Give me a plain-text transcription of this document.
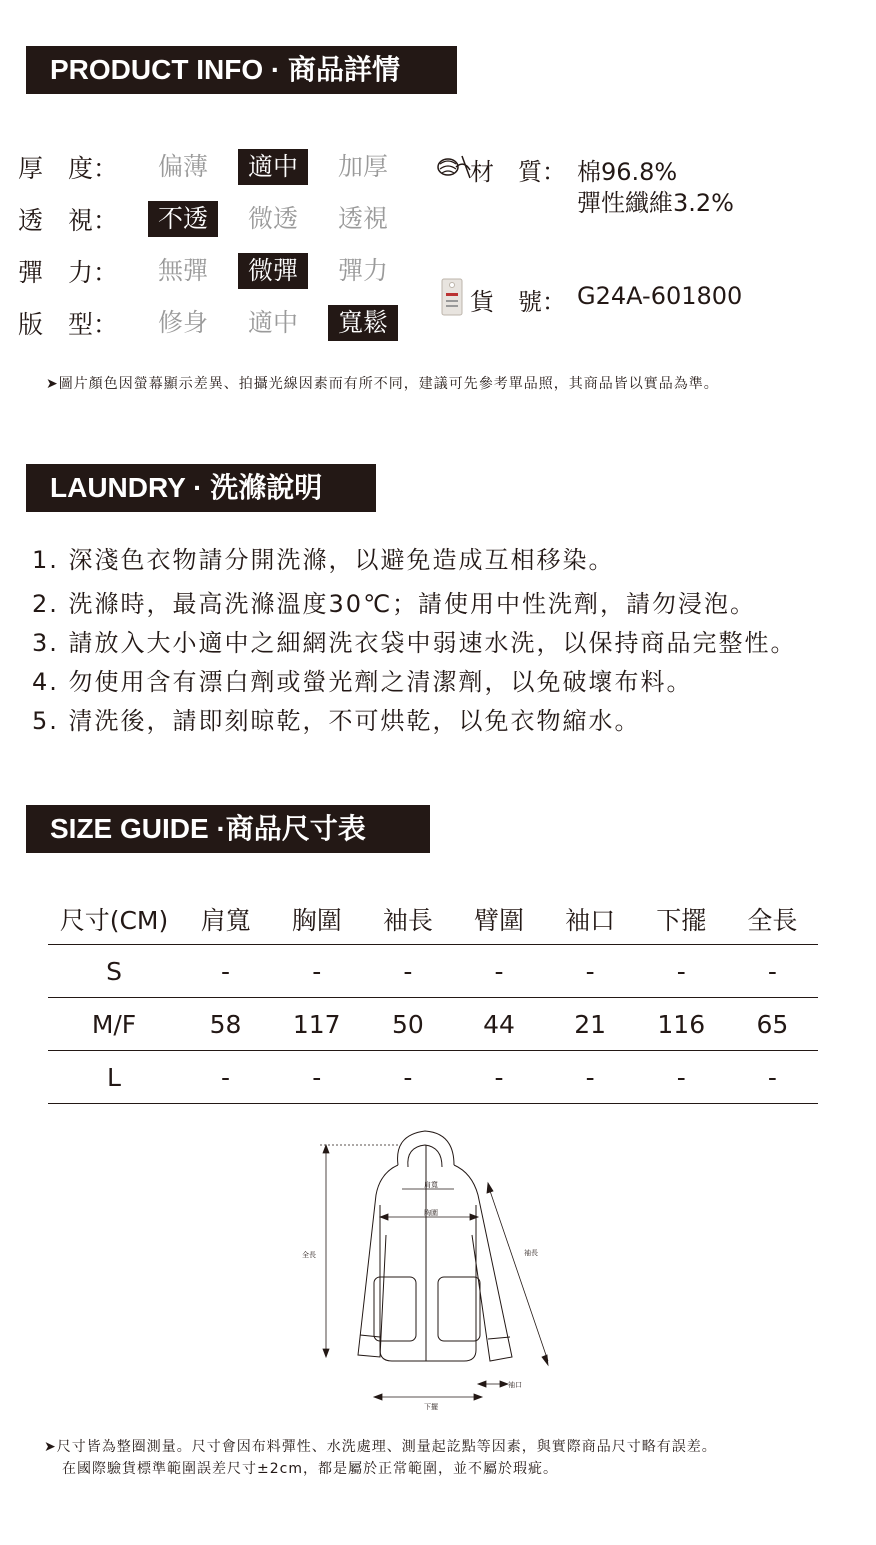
PRODUCT INFO · 商品詳情
厚　度：	偏薄	適中	加厚
透　視：	不透	微透	透視
彈　力：	無彈	微彈	彈力
版　型：	修身	適中	寬鬆
材　質： 棉96.8%
彈性纖維3.2%
貨　號： G24A-601800
➤圖片顏色因螢幕顯示差異、拍攝光線因素而有所不同，建議可先參考單品照，其商品皆以實品為準。
LAUNDRY · 洗滌說明
1. 深淺色衣物請分開洗滌，以避免造成互相移染。
2. 洗滌時，最高洗滌溫度30℃；請使用中性洗劑，請勿浸泡。
3. 請放入大小適中之細網洗衣袋中弱速水洗，以保持商品完整性。
4. 勿使用含有漂白劑或螢光劑之清潔劑，以免破壞布料。
5. 清洗後，請即刻晾乾，不可烘乾，以免衣物縮水。
SIZE GUIDE ·商品尺寸表
尺寸(CM)	肩寬	胸圍	袖長	臂圍	袖口	下擺	全長
S	-	-	-	-	-	-	-
M/F	58	117	50	44	21	116	65
L	-	-	-	-	-	-	-
肩寬
胸圍
全長	袖長
袖口
下擺
➤尺寸皆為整圈測量。尺寸會因布料彈性、水洗處理、測量起訖點等因素，與實際商品尺寸略有誤差。
在國際驗貨標準範圍誤差尺寸±2cm，都是屬於正常範圍，並不屬於瑕疵。
